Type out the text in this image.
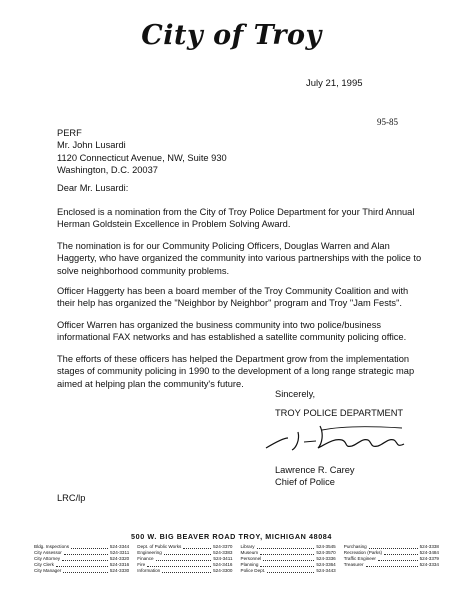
City of Troy
July 21, 1995
95-85
PERF
Mr. John Lusardi
1120 Connecticut Avenue, NW, Suite 930
Washington, D.C. 20037
Dear Mr. Lusardi:
Enclosed is a nomination from the City of Troy Police Department for your Third Annual Herman Goldstein Excellence in Problem Solving Award.
The nomination is for our Community Policing Officers, Douglas Warren and Alan Haggerty, who have organized the community into various partnerships with the police to solve neighborhood community problems.
Officer Haggerty has been a board member of the Troy Community Coalition and with their help has organized the "Neighbor by Neighbor" program and Troy "Jam Fests".
Officer Warren has organized the business community into two police/business informational FAX networks and has established a satellite community policing office.
The efforts of these officers has helped the Department grow from the implementation stages of community policing in 1990 to the development of a long range strategic map aimed at helping plan the community's future.
Sincerely,
TROY POLICE DEPARTMENT
Lawrence R. Carey
Chief of Police
LRC/lp
500 W. BIG BEAVER ROAD TROY, MICHIGAN 48084
Bldg. Inspections	524-3344
City Assessor	524-3311
City Attorney	524-3320
City Clerk	524-3316
City Manager	524-3330
Dept. of Public Works	524-3370
Engineering	524-3383
Finance	524-3411
Fire	524-3416
Information	524-3300
Library	524-3545
Museum	524-3570
Personnel	524-3336
Planning	524-3364
Police Dept.	524-3443
Purchasing	524-3338
Recreation (Parks)	524-3484
Traffic Engineer	524-3379
Treasurer	524-3334
